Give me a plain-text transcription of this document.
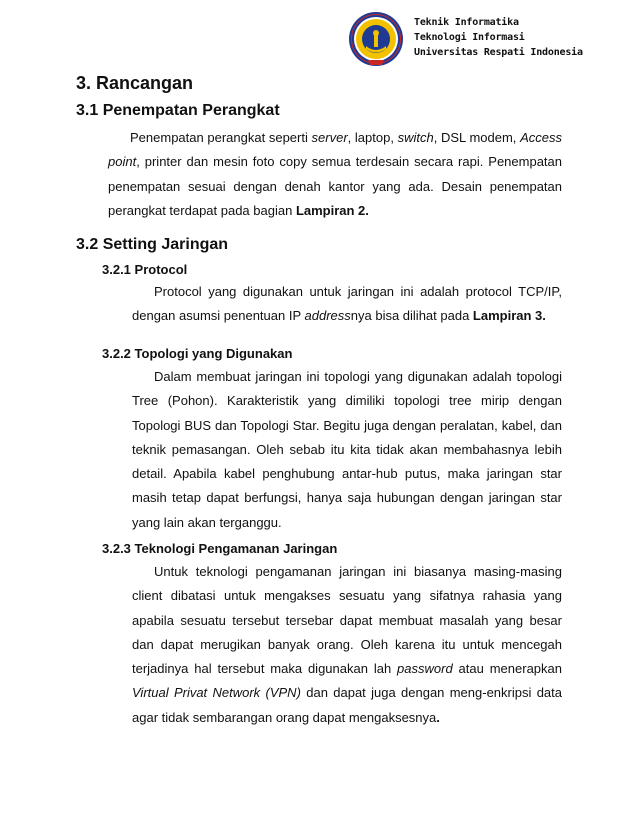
Teknik Informatika
Teknologi Informasi
Universitas Respati Indonesia
3. Rancangan
3.1 Penempatan Perangkat

Penempatan perangkat seperti server, laptop, switch, DSL modem, Access point, printer dan mesin foto copy semua terdesain secara rapi. Penempatan penempatan sesuai dengan denah kantor yang ada. Desain penempatan perangkat terdapat pada bagian Lampiran 2.

3.2 Setting Jaringan
3.2.1 Protocol

Protocol yang digunakan untuk jaringan ini adalah protocol TCP/IP, dengan asumsi penentuan IP addressnya bisa dilihat pada Lampiran 3.

3.2.2 Topologi yang Digunakan

Dalam membuat jaringan ini topologi yang digunakan adalah topologi Tree (Pohon). Karakteristik yang dimiliki topologi tree mirip dengan Topologi BUS dan Topologi Star. Begitu juga dengan peralatan, kabel, dan teknik pemasangan. Oleh sebab itu kita tidak akan membahasnya lebih detail. Apabila kabel penghubung antar-hub putus, maka jaringan star masih tetap dapat berfungsi, hanya saja hubungan dengan jaringan star yang lain akan terganggu.

3.2.3 Teknologi Pengamanan Jaringan

Untuk teknologi pengamanan jaringan ini biasanya masing-masing client dibatasi untuk mengakses sesuatu yang sifatnya rahasia yang apabila sesuatu tersebut tersebar dapat membuat masalah yang besar dan dapat merugikan banyak orang. Oleh karena itu untuk mencegah terjadinya hal tersebut maka digunakan lah password atau menerapkan Virtual Privat Network (VPN) dan dapat juga dengan meng-enkripsi data agar tidak sembarangan orang dapat mengaksesnya.
